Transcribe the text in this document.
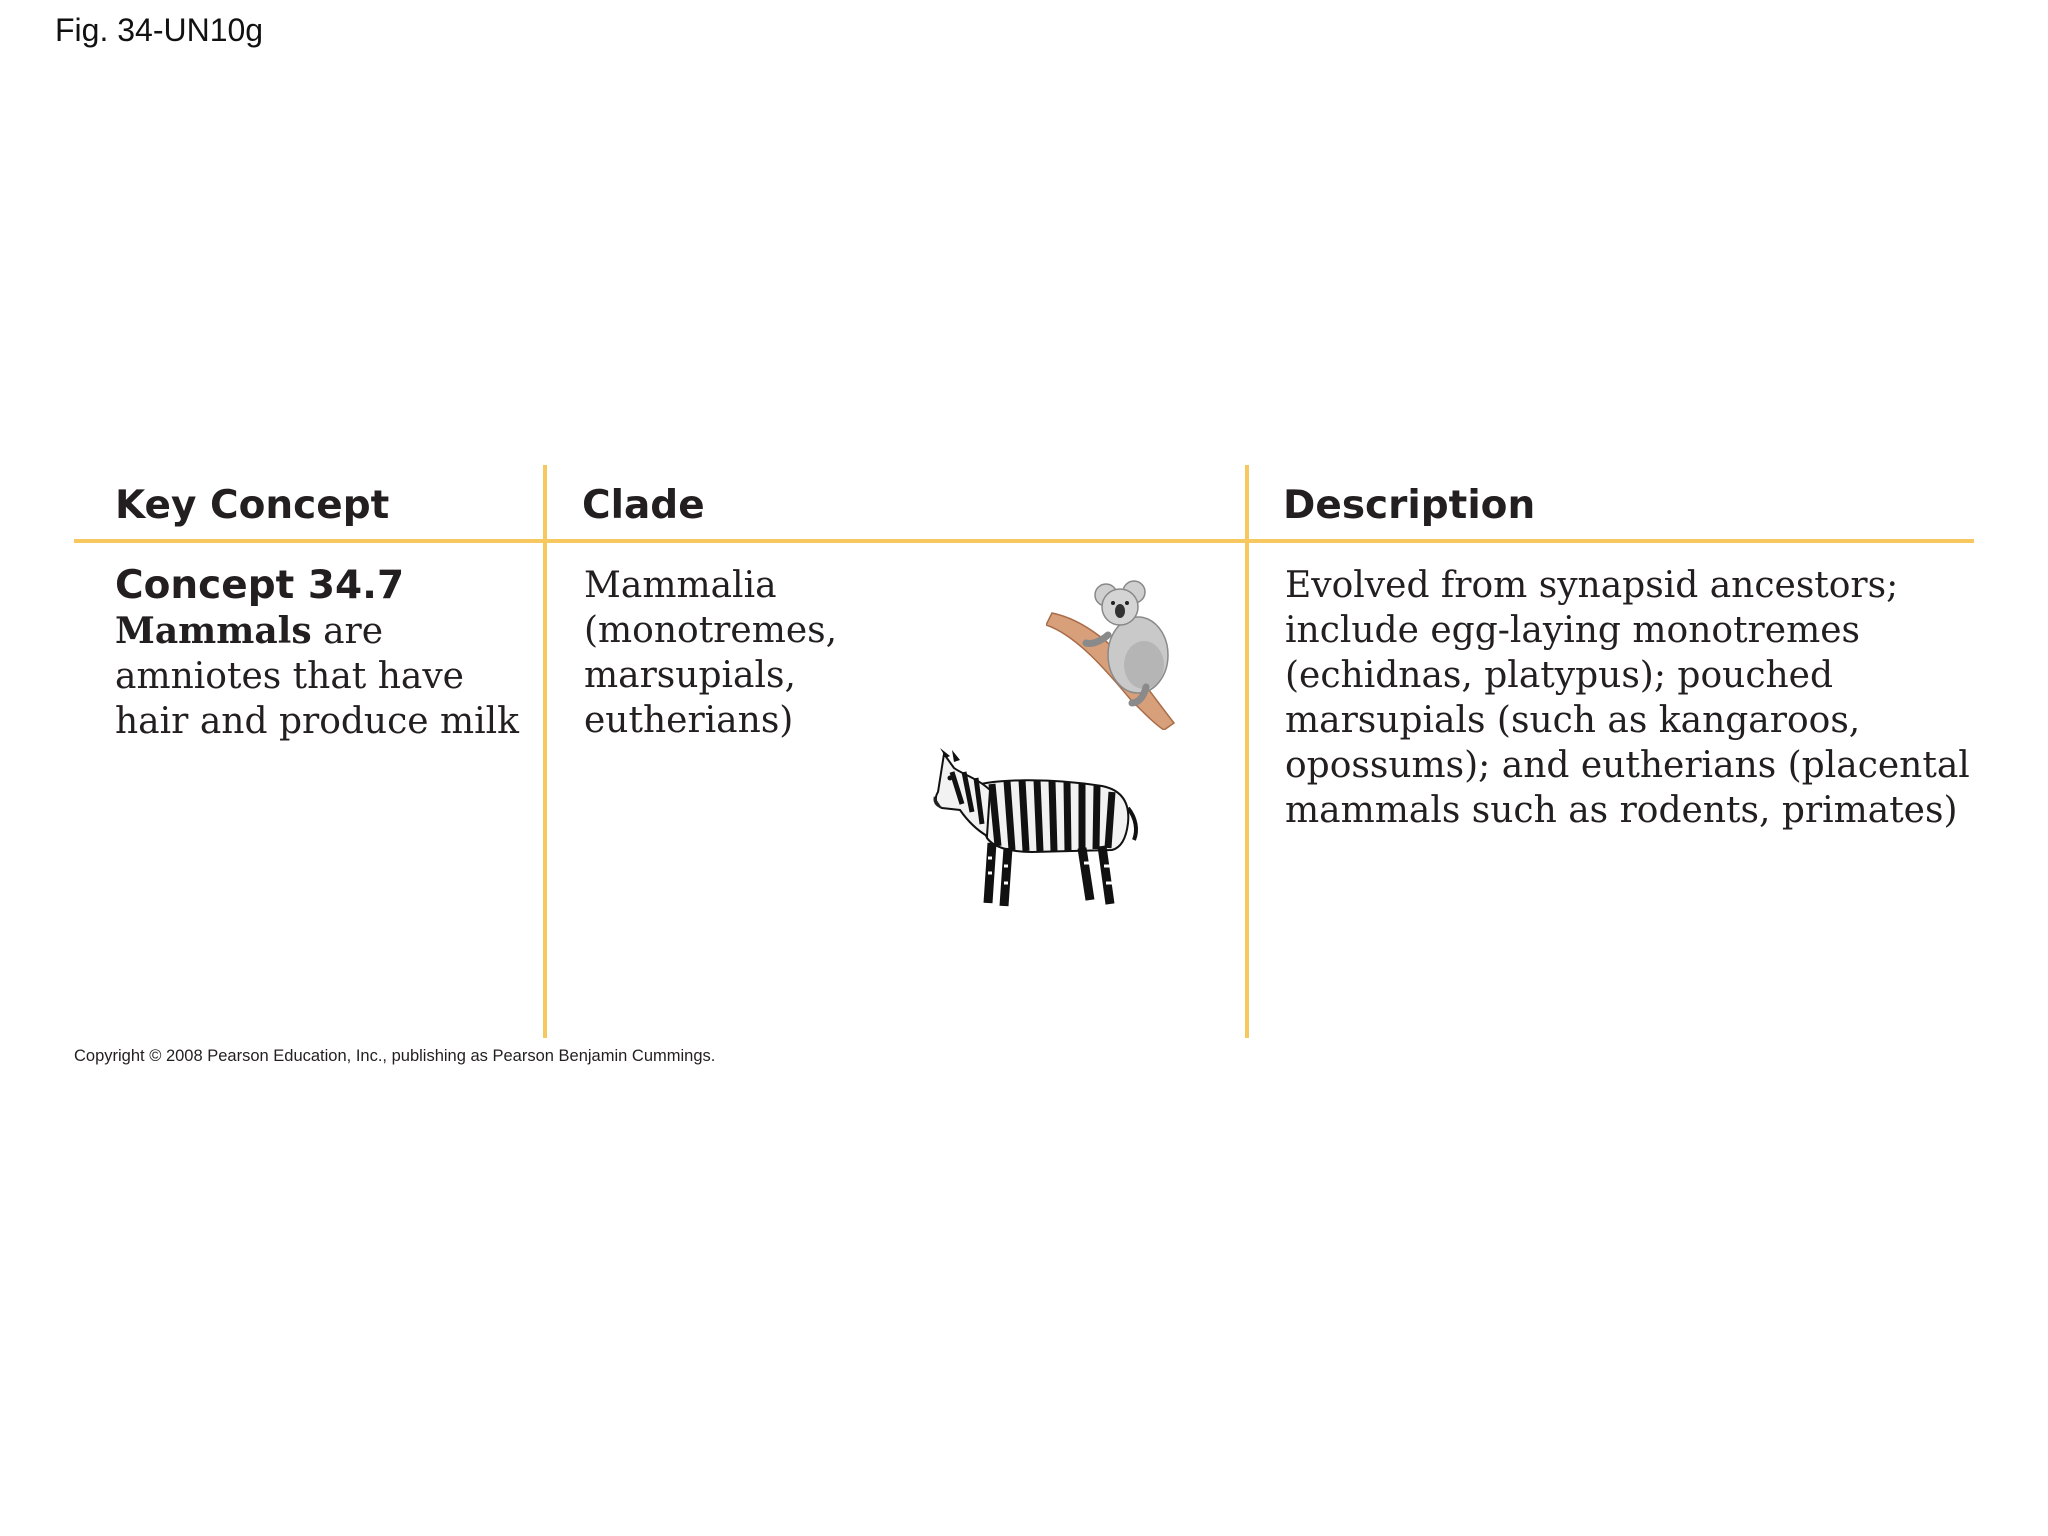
Fig. 34-UN10g
Key Concept	Clade	Description
Concept 34.7
Mammals are
amniotes that have
hair and produce milk
Mammalia
(monotremes,
marsupials,
eutherians)
Evolved from synapsid ancestors;
include egg-laying monotremes
(echidnas, platypus); pouched
marsupials (such as kangaroos,
opossums); and eutherians (placental
mammals such as rodents, primates)
Copyright © 2008 Pearson Education, Inc., publishing as Pearson Benjamin Cummings.
